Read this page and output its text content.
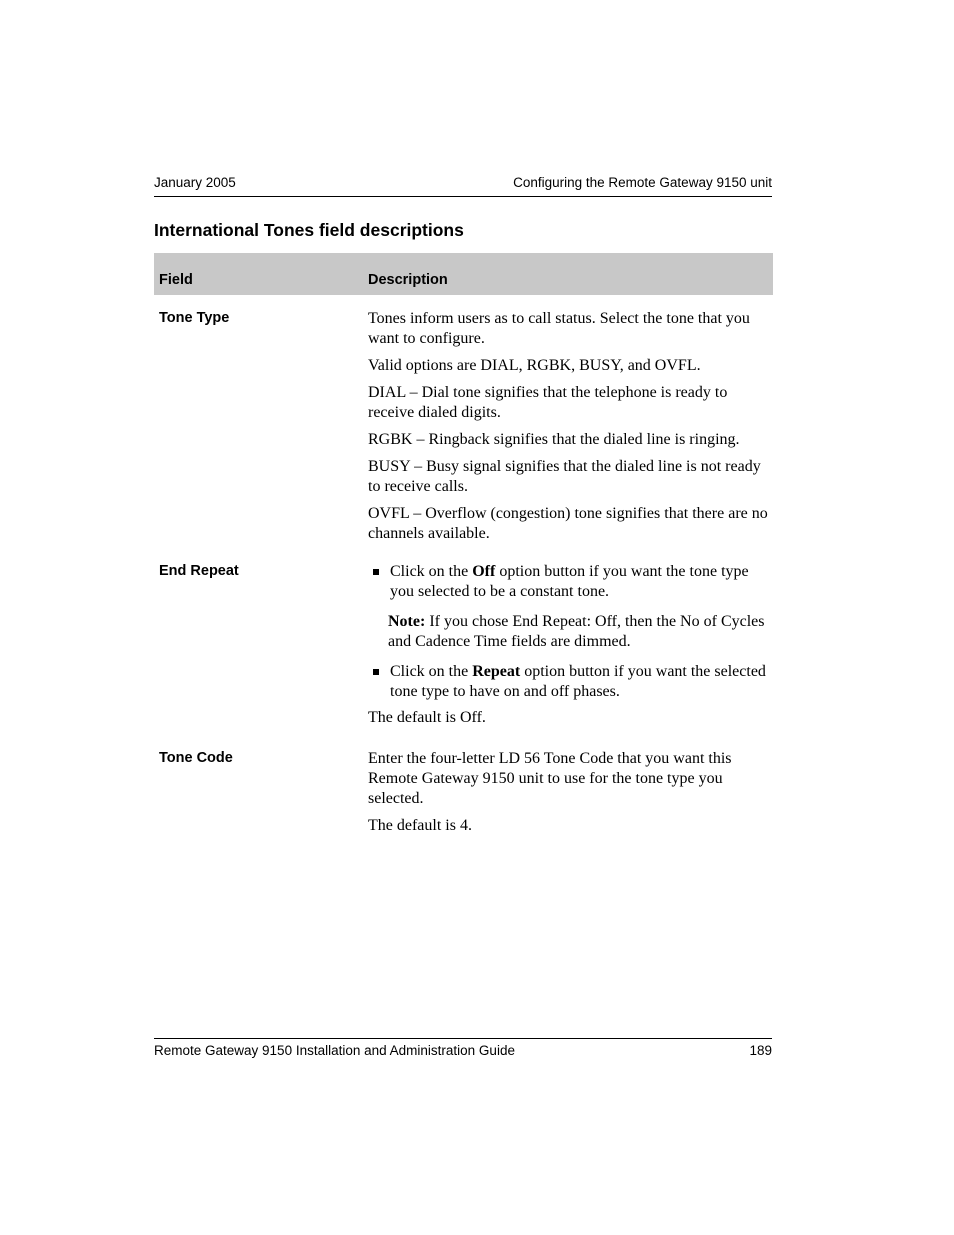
January 2005	Configuring the Remote Gateway 9150 unit
International Tones field descriptions
Field	Description
Tone Type	Tones inform users as to call status. Select the tone that you want to configure.

Valid options are DIAL, RGBK, BUSY, and OVFL.

DIAL – Dial tone signifies that the telephone is ready to receive dialed digits.

RGBK – Ringback signifies that the dialed line is ringing.

BUSY – Busy signal signifies that the dialed line is not ready to receive calls.

OVFL – Overflow (congestion) tone signifies that there are no channels available.

End Repeat	Click on the Off option button if you want the tone type you selected to be a constant tone.
Note: If you chose End Repeat: Off, then the No of Cycles and Cadence Time fields are dimmed.
Click on the Repeat option button if you want the selected tone type to have on and off phases.

The default is Off.

Tone Code	Enter the four-letter LD 56 Tone Code that you want this Remote Gateway 9150 unit to use for the tone type you selected.

The default is 4.

Remote Gateway 9150 Installation and Administration Guide	189
